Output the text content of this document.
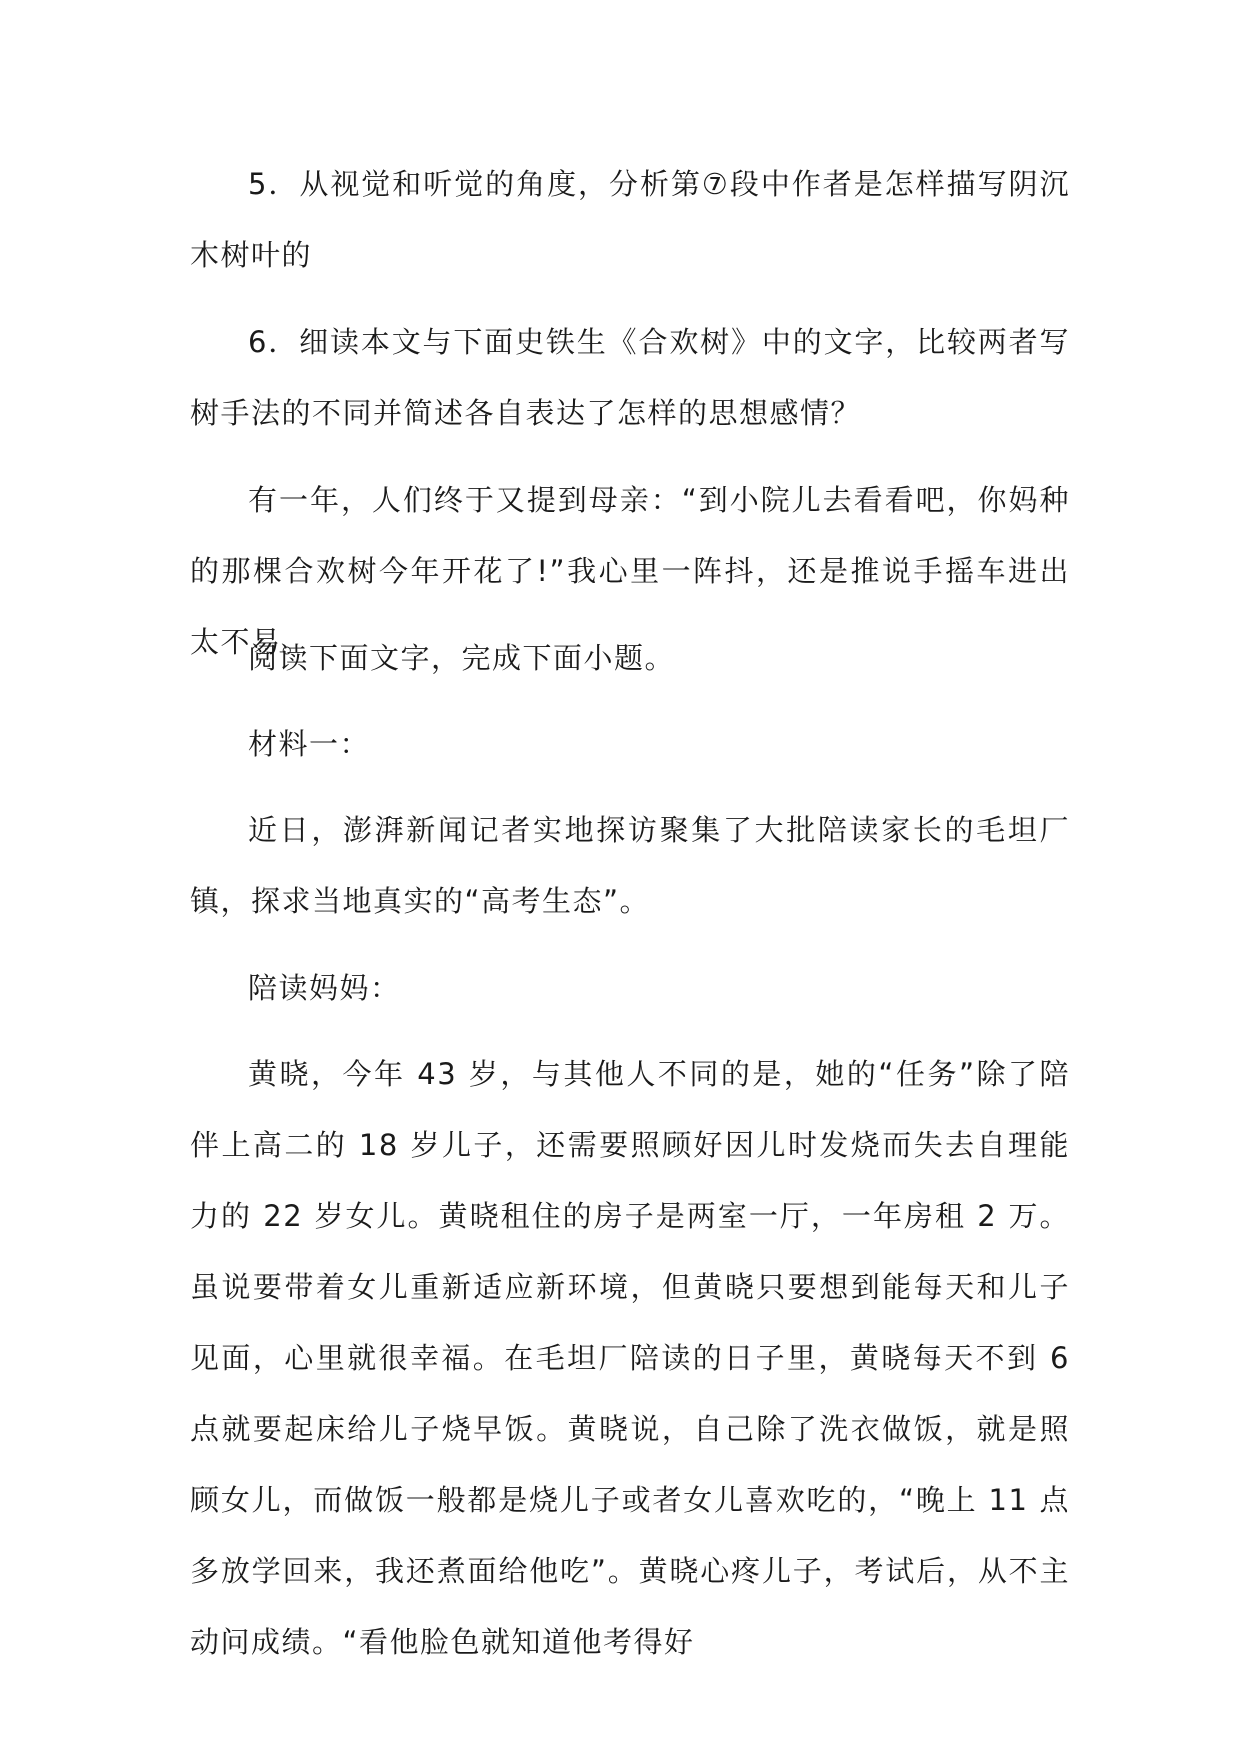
5．从视觉和听觉的角度，分析第⑦段中作者是怎样描写阴沉木树叶的

6．细读本文与下面史铁生《合欢树》中的文字，比较两者写树手法的不同并简述各自表达了怎样的思想感情？

有一年，人们终于又提到母亲：“到小院儿去看看吧，你妈种的那棵合欢树今年开花了!”我心里一阵抖，还是推说手摇车进出太不易。

阅读下面文字，完成下面小题。

材料一：

近日，澎湃新闻记者实地探访聚集了大批陪读家长的毛坦厂镇，探求当地真实的“高考生态”。

陪读妈妈：

黄晓，今年 43 岁，与其他人不同的是，她的“任务”除了陪伴上高二的 18 岁儿子，还需要照顾好因儿时发烧而失去自理能力的 22 岁女儿。黄晓租住的房子是两室一厅，一年房租 2 万。虽说要带着女儿重新适应新环境，但黄晓只要想到能每天和儿子见面，心里就很幸福。在毛坦厂陪读的日子里，黄晓每天不到 6 点就要起床给儿子烧早饭。黄晓说，自己除了洗衣做饭，就是照顾女儿，而做饭一般都是烧儿子或者女儿喜欢吃的，“晚上 11 点多放学回来，我还煮面给他吃”。黄晓心疼儿子，考试后，从不主动问成绩。“看他脸色就知道他考得好
